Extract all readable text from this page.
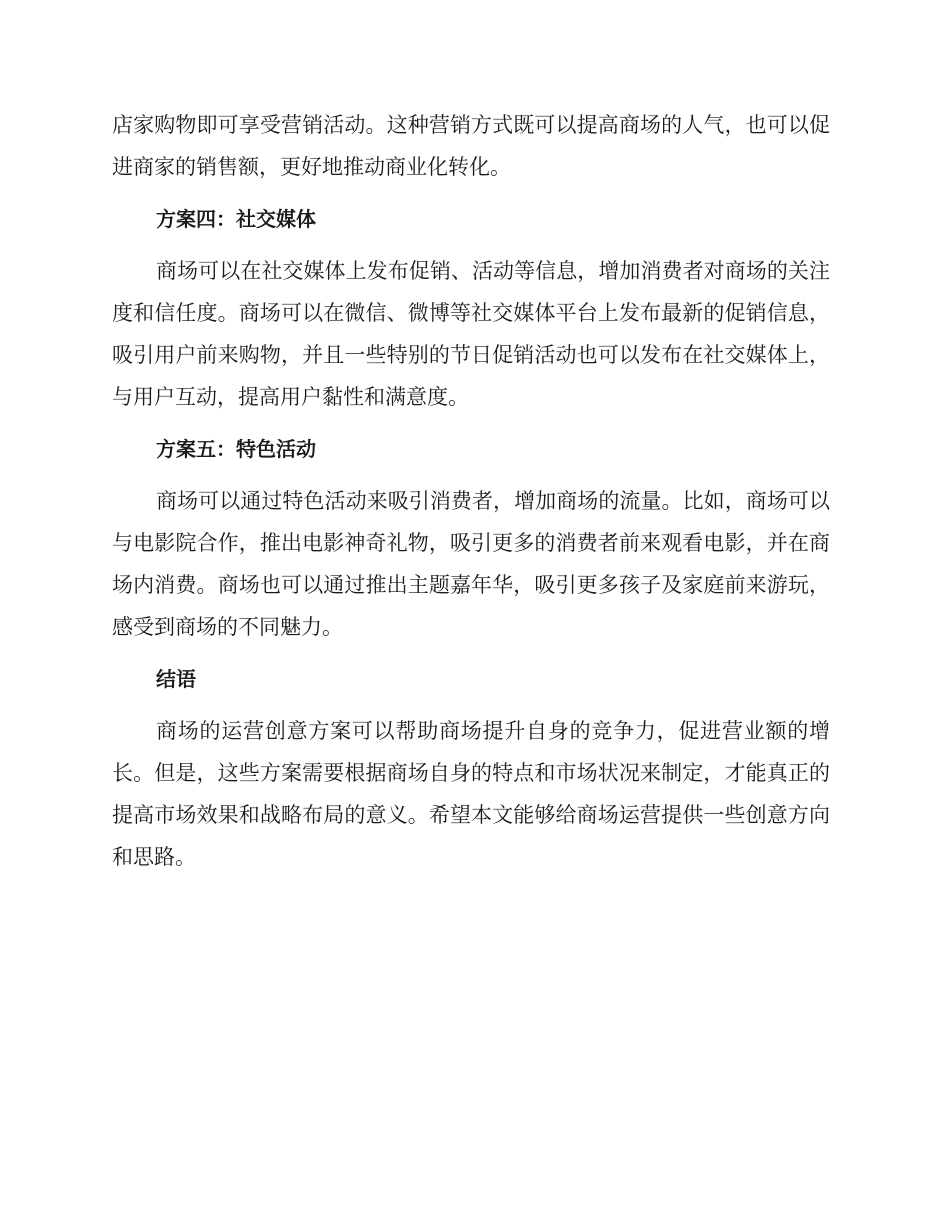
店家购物即可享受营销活动。这种营销方式既可以提高商场的人气，也可以促进商家的销售额，更好地推动商业化转化。

方案四：社交媒体

商场可以在社交媒体上发布促销、活动等信息，增加消费者对商场的关注度和信任度。商场可以在微信、微博等社交媒体平台上发布最新的促销信息，吸引用户前来购物，并且一些特别的节日促销活动也可以发布在社交媒体上，与用户互动，提高用户黏性和满意度。

方案五：特色活动

商场可以通过特色活动来吸引消费者，增加商场的流量。比如，商场可以与电影院合作，推出电影神奇礼物，吸引更多的消费者前来观看电影，并在商场内消费。商场也可以通过推出主题嘉年华，吸引更多孩子及家庭前来游玩，感受到商场的不同魅力。

结语

商场的运营创意方案可以帮助商场提升自身的竞争力，促进营业额的增长。但是，这些方案需要根据商场自身的特点和市场状况来制定，才能真正的提高市场效果和战略布局的意义。希望本文能够给商场运营提供一些创意方向和思路。
